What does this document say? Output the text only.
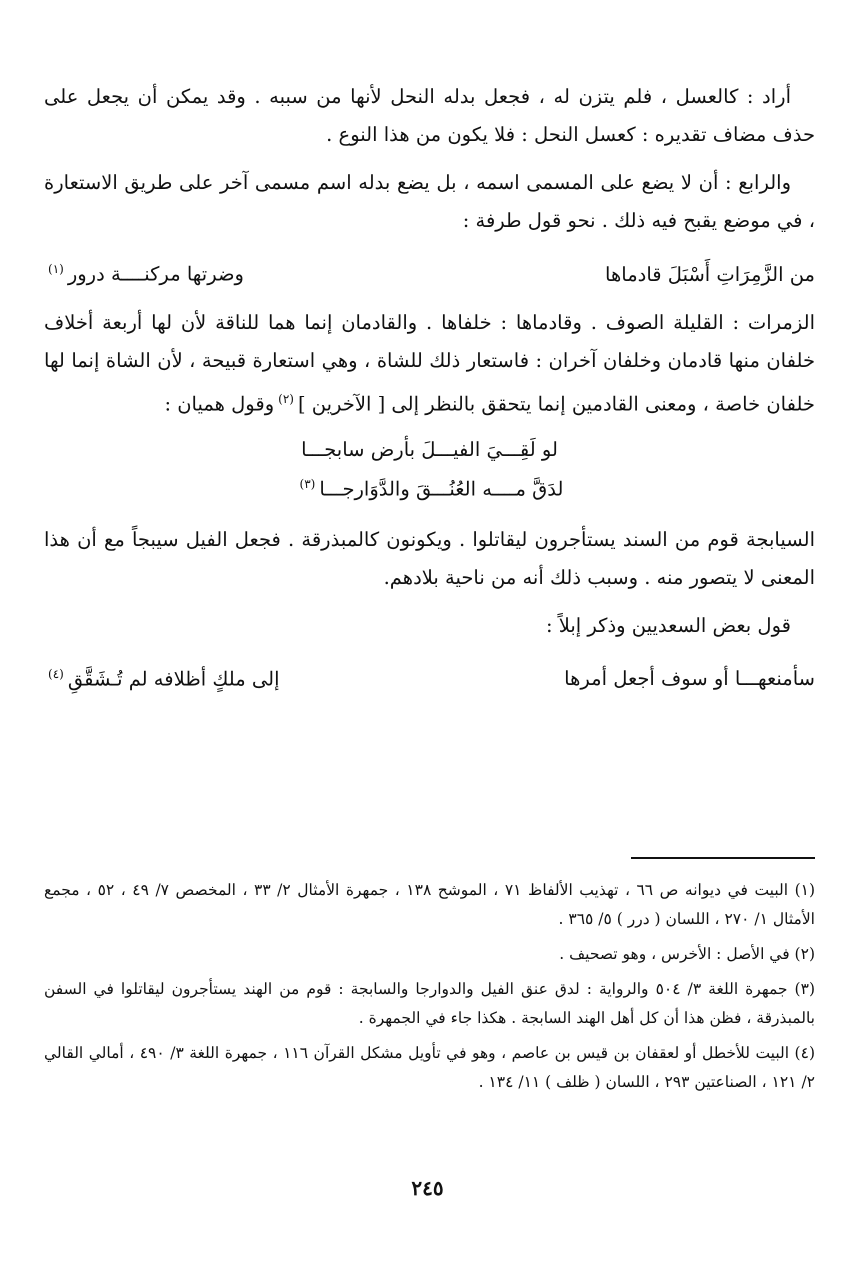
أراد : كالعسل ، فلم يتزن له ، فجعل بدله النحل لأنها من سببه . وقد يمكن أن يجعل على حذف مضاف تقديره : كعسل النحل : فلا يكون من هذا النوع .

والرابع : أن لا يضع على المسمى اسمه ، بل يضع بدله اسم مسمى آخر على طريق الاستعارة ، في موضع يقبح فيه ذلك . نحو قول طرفة :

من الزَّمِرَاتِ أَسْبَلَ قادماها
وضرتها مركنــــة درور$^{(١)}$

الزمرات : القليلة الصوف . وقادماها : خلفاها . والقادمان إنما هما للناقة لأن لها أربعة أخلاف خلفان منها قادمان وخلفان آخران : فاستعار ذلك للشاة ، وهي استعارة قبيحة ، لأن الشاة إنما لها خلفان خاصة ، ومعنى القادمين إنما يتحقق بالنظر إلى [ الآخرين ]$^{(٢)}$وقول هميان :

لو لَقِـــيَ الفيـــلَ بأرض سابجـــا
لدَقَّ مــــه العُنُـــقَ والدَّوَارجـــا$^{(٣)}$

السيابجة قوم من السند يستأجرون ليقاتلوا . ويكونون كالمبذرقة . فجعل الفيل سيبجاً مع أن هذا المعنى لا يتصور منه . وسبب ذلك أنه من ناحية بلادهم.

قول بعض السعديين وذكر إبلاً :

سأمنعهـــا أو سوف أجعل أمرها
إلى ملكٍ أظلافه لم تُـشَقَّقِ$^{(٤)}$

(١) البيت في ديوانه ص ٦٦ ، تهذيب الألفاظ ٧١ ، الموشح ١٣٨ ، جمهرة الأمثال ٢/ ٣٣ ، المخصص ٧/ ٤٩ ، ٥٢ ، مجمع الأمثال ١/ ٢٧٠ ، اللسان ( درر ) ٥/ ٣٦٥ .

(٢) في الأصل : الأخرس ، وهو تصحيف .

(٣) جمهرة اللغة ٣/ ٥٠٤ والرواية : لدق عنق الفيل والدوارجا والسابجة : قوم من الهند يستأجرون ليقاتلوا في السفن بالمبذرقة ، فظن هذا أن كل أهل الهند السابجة . هكذا جاء في الجمهرة .

(٤) البيت للأخطل أو لعقفان بن قيس بن عاصم ، وهو في تأويل مشكل القرآن ١١٦ ، جمهرة اللغة ٣/ ٤٩٠ ، أمالي القالي ٢/ ١٢١ ، الصناعتين ٢٩٣ ، اللسان ( ظلف ) ١١/ ١٣٤ .

٢٤٥
